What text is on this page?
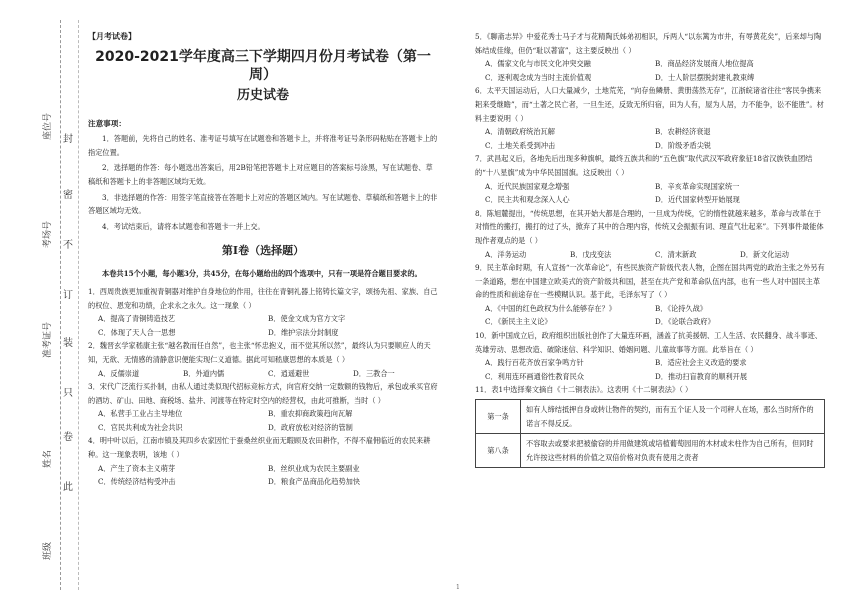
座位号
考场号
准考证号
姓名
班级
封
密
不
订
装
只
卷
此
【月考试卷】
2020-2021学年度高三下学期四月份月考试卷（第一周）
历史试卷
注意事项：
1．答题前，先将自己的姓名、准考证号填写在试题卷和答题卡上，并将准考证号条形码粘贴在答题卡上的指定位置。
2．选择题的作答：每小题选出答案后，用2B铅笔把答题卡上对应题目的答案标号涂黑，写在试题卷、草稿纸和答题卡上的非答题区域均无效。
3．非选择题的作答：用签字笔直接答在答题卡上对应的答题区域内。写在试题卷、草稿纸和答题卡上的非答题区域均无效。
4．考试结束后，请将本试题卷和答题卡一并上交。
第Ⅰ卷（选择题）
本卷共15个小题，每小题3分，共45分，在每小题给出的四个选项中，只有一项是符合题目要求的。
1．西周贵族更加重视青铜器对维护自身地位的作用，往往在青铜礼器上铭铸长篇文字，颂扬先祖、家族、自己的权位、恩宠和功绩，企求永之永久。这一现象（ ）
A．提高了青铜铸造技艺	B．使金文成为官方文字
C．体现了天人合一思想	D．维护宗法分封制度
2．魏晋玄学家嵇康主张“越名教而任自然”，也主张“怀忠抱义，而不觉其所以然”，最终认为只要顺应人的天知，无欲、无情感的清静意识便能实现仁义道德。据此可知嵇康思想的本质是（ ）
A．反儒崇道	B．外道内儒	C．逍遥避世	D．三教合一
3．宋代广泛流行买扑制，由私人通过类似现代招标竞标方式，向官府交纳一定数额的钱物后，承包或承买官府的酒坊、矿山、田地、商税场、盐井、河渡等在特定时空内的经营权，由此可推断，当时（ ）
A．私营手工业占主导地位	B．重农抑商政策趋向瓦解
C．官民共利成为社会共识	D．政府放松对经济的管制
4．明中叶以后，江南市镇及其四乡农家因忙于蚕桑丝织业而无暇顾及农田耕作，不得不雇佣临近的农民来耕种。这一现象表明，该地（ ）
A．产生了资本主义萌芽	B．丝织业成为农民主要副业
C．传统经济结构受冲击	D．粮食产品商品化趋势加快
5．《聊斋志异》中爱花秀士马子才与花精陶氏姊弟初相识，斥两人“以东篱为市井，有辱黄花矣”，后来却与陶姊结成佳缘，但仍“耻以著富”，这主要反映出（ ）
A．儒家文化与市民文化冲突交融	B．商品经济发展商人地位提高
C．逐利观念成为当时主流价值观	D．士人阶层摆脱封建礼教束缚
6．太平天国运动后，人口大量减少，土地荒芜，“向存鱼鳞册、黄册荡然无存”，江浙皖诸省往往“客民争携来耜来受继瞻”，而“土著之民亡者，一旦生还，反致无所归宿，田为人有，屋为人居，力不能争，讼不能胜”。材料主要说明（ ）
A．清朝政府统治瓦解	B．农耕经济衰退
C．土地关系受到冲击	D．阶级矛盾尖锐
7．武昌起义后，各地先后出现多种旗帜，最终五族共和的“五色旗”取代武汉军政府象征18省汉族铁血团结的“十八星旗”成为中华民国国旗。这反映出（ ）
A．近代民族国家观念增强	B．辛亥革命实现国家统一
C．民主共和观念深入人心	D．近代国家转型开始展现
8．陈旭麓提出，“传统思想，在其开始大都是合理的，一旦成为传统，它的惰性就越来越多，革命与改革在于对惰性的搬打，搬打的过了头，掀弃了其中的合理内容，传统又会振振有词、理直气壮起来”。下列事件最能体现作者观点的是（ ）
A．洋务运动	B．戊戌变法	C．清末新政	D．新文化运动
9．民主革命时期，有人宣扬“一次革命论”，有些民族资产阶级代表人物，企图在国共两党的政治主张之外另有一条道路，想在中国建立欧美式的资产阶级共和国，甚至在共产党和革命队伍内部，也有一些人对中国民主革命的性质和前途存在一些模糊认识。基于此，毛泽东写了（ ）
A．《中国的红色政权为什么能够存在？》	B．《论持久战》
C．《新民主主义论》	D．《论联合政府》
10．新中国成立后，政府组织出版社创作了大量连环画，涵盖了抗美援朝、工人生活、农民翻身、战斗事迹、英雄劳动、思想改造、破除迷信、科学知识、婚姻问题、儿童故事等方面。此举旨在（ ）
A．践行百花齐放百家争鸣方针	B．适应社会主义改造的要求
C．利用连环画通俗性教育民众	D．推动扫盲教育的顺利开展
11．表1中选择秦文摘自《十二铜表法》。这表明《十二铜表法》（ ）
第一条	如有人缔结抵押自身或转让物件的契约，而有五个证人及一个司秤人在场，那么当时所作的诺言不得反反。
第八条	不容取去或要求把被偷窃的并用做建筑或培植葡萄园用的木材或未柱作为自己所有，但同时允许按这些材料的价值之双倍价格对负责有使用之责者
1
